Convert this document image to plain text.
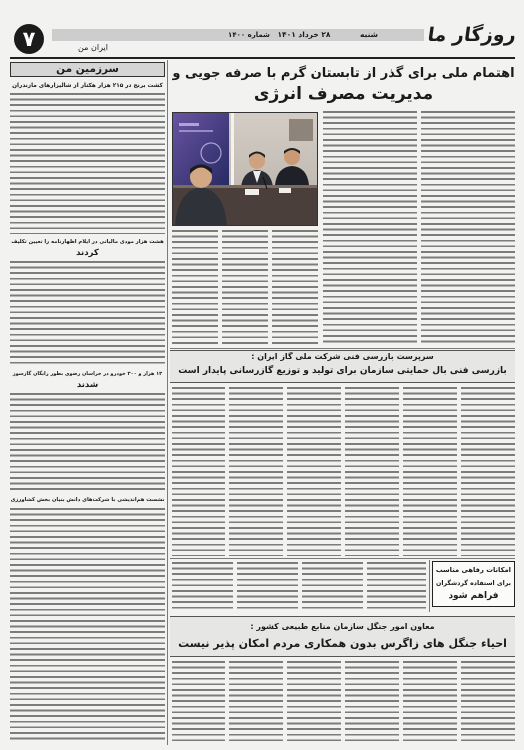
۷	شماره ۱۴۰۰ ۲۸ خرداد ۱۴۰۱	شنبه
ایران من
روزگار ما
سرزمین من
کشت برنج در ۲۱۵ هزار هکتار از شالیزارهای مازندران
هشت هزار مودی مالیاتی در ایلام اظهارنامه را تعیین تکلیف
کردند
۱۳ هزار و ۳۰۰ خودرو در خراسان رضوی بطور رایگان گازسوز
شدند
نشست هم‌اندیشی با شرکت‌های دانش بنیان بخش کشاورزی
اهتمام ملی برای گذر از تابستان گرم با صرفه جویی و
مدیریت مصرف انرژی
سرپرست بازرسی فنی شرکت ملی گاز ایران :
بازرسی فنی بال حمایتی سازمان برای تولید و توزیع گازرسانی پایدار است
امکانات رفاهی مناسب
برای استفاده گردشگران
فراهم شود
معاون امور جنگل سازمان منابع طبیعی کشور :
احیاء جنگل های زاگرس بدون همکاری مردم امکان پذیر نیست
